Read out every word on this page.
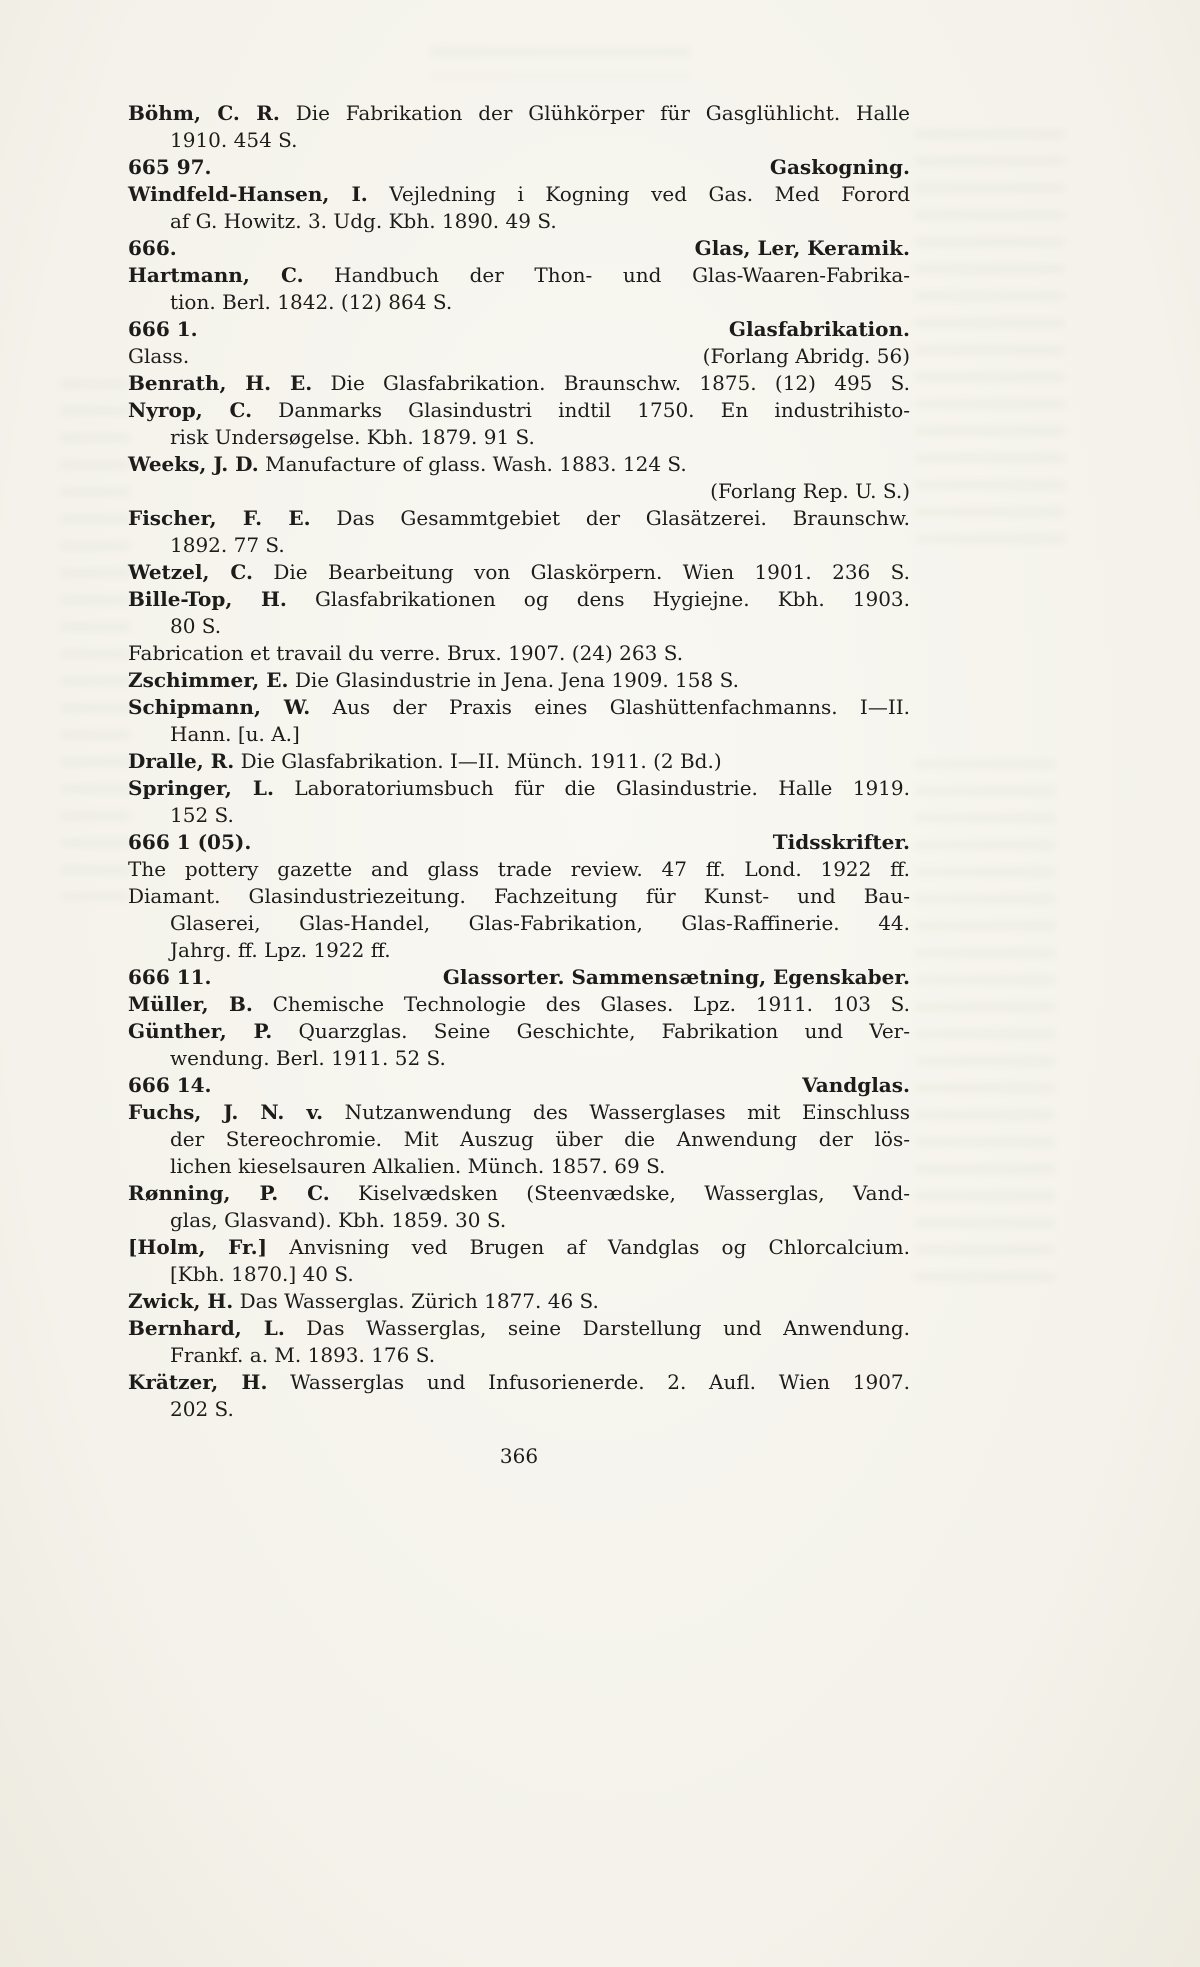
Böhm, C. R. Die Fabrikation der Glühkörper für Gasglühlicht. Halle
1910. 454 S.
665 97.	Gaskogning.
Windfeld-Hansen, I. Vejledning i Kogning ved Gas. Med Forord
af G. Howitz. 3. Udg. Kbh. 1890. 49 S.
666.	Glas, Ler, Keramik.
Hartmann, C. Handbuch der Thon- und Glas-Waaren-Fabrika-
tion. Berl. 1842. (12) 864 S.
666 1.	Glasfabrikation.
Glass.	(Forlang Abridg. 56)
Benrath, H. E. Die Glasfabrikation. Braunschw. 1875. (12) 495 S.
Nyrop, C. Danmarks Glasindustri indtil 1750. En industrihisto-
risk Undersøgelse. Kbh. 1879. 91 S.
Weeks, J. D. Manufacture of glass. Wash. 1883. 124 S.
(Forlang Rep. U. S.)
Fischer, F. E. Das Gesammtgebiet der Glasätzerei. Braunschw.
1892. 77 S.
Wetzel, C. Die Bearbeitung von Glaskörpern. Wien 1901. 236 S.
Bille-Top, H. Glasfabrikationen og dens Hygiejne. Kbh. 1903.
80 S.
Fabrication et travail du verre. Brux. 1907. (24) 263 S.
Zschimmer, E. Die Glasindustrie in Jena. Jena 1909. 158 S.
Schipmann, W. Aus der Praxis eines Glashüttenfachmanns. I—II.
Hann. [u. A.]
Dralle, R. Die Glasfabrikation. I—II. Münch. 1911. (2 Bd.)
Springer, L. Laboratoriumsbuch für die Glasindustrie. Halle 1919.
152 S.
666 1 (05).	Tidsskrifter.
The pottery gazette and glass trade review. 47 ff. Lond. 1922 ff.
Diamant. Glasindustriezeitung. Fachzeitung für Kunst- und Bau-
Glaserei, Glas-Handel, Glas-Fabrikation, Glas-Raffinerie. 44.
Jahrg. ff. Lpz. 1922 ff.
666 11.	Glassorter. Sammensætning, Egenskaber.
Müller, B. Chemische Technologie des Glases. Lpz. 1911. 103 S.
Günther, P. Quarzglas. Seine Geschichte, Fabrikation und Ver-
wendung. Berl. 1911. 52 S.
666 14.	Vandglas.
Fuchs, J. N. v. Nutzanwendung des Wasserglases mit Einschluss
der Stereochromie. Mit Auszug über die Anwendung der lös-
lichen kieselsauren Alkalien. Münch. 1857. 69 S.
Rønning, P. C. Kiselvædsken (Steenvædske, Wasserglas, Vand-
glas, Glasvand). Kbh. 1859. 30 S.
[Holm, Fr.] Anvisning ved Brugen af Vandglas og Chlorcalcium.
[Kbh. 1870.] 40 S.
Zwick, H. Das Wasserglas. Zürich 1877. 46 S.
Bernhard, L. Das Wasserglas, seine Darstellung und Anwendung.
Frankf. a. M. 1893. 176 S.
Krätzer, H. Wasserglas und Infusorienerde. 2. Aufl. Wien 1907.
202 S.
366
